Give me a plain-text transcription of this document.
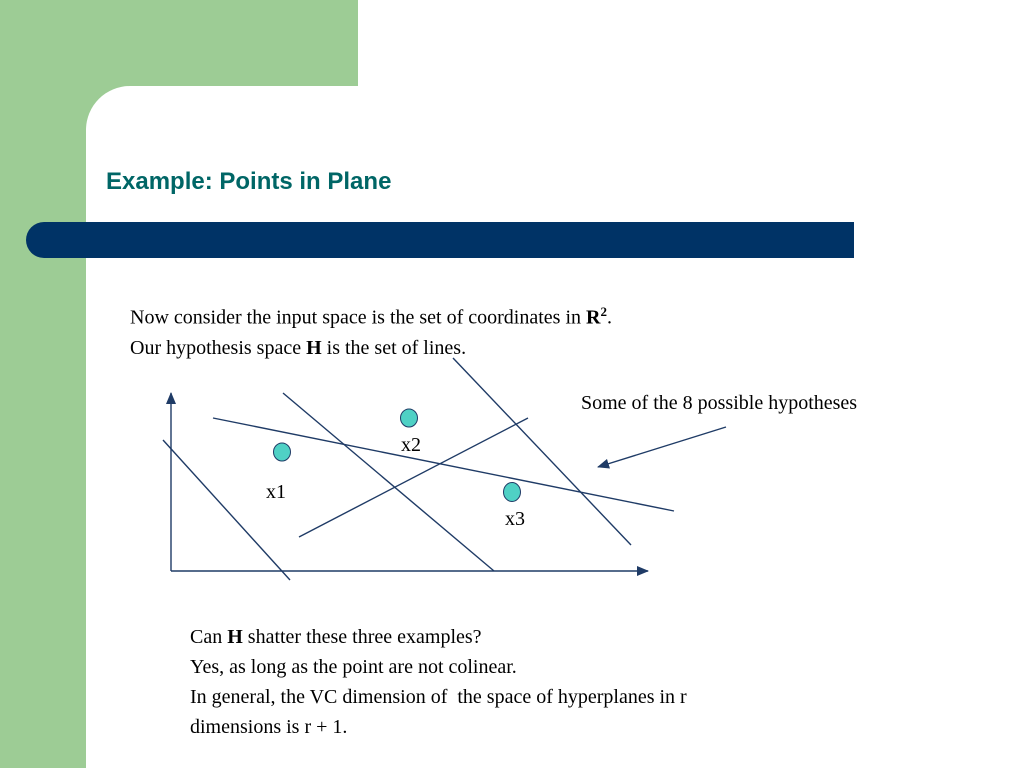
Example: Points in Plane

Now consider the input space is the set of coordinates in $R^2$.

Our hypothesis space H is the set of lines.

Some of the 8 possible hypotheses
x1
x2
x3

Can H shatter these three examples?

Yes, as long as the point are not colinear.

In general, the VC dimension of  the space of hyperplanes in r

dimensions is r + 1.
